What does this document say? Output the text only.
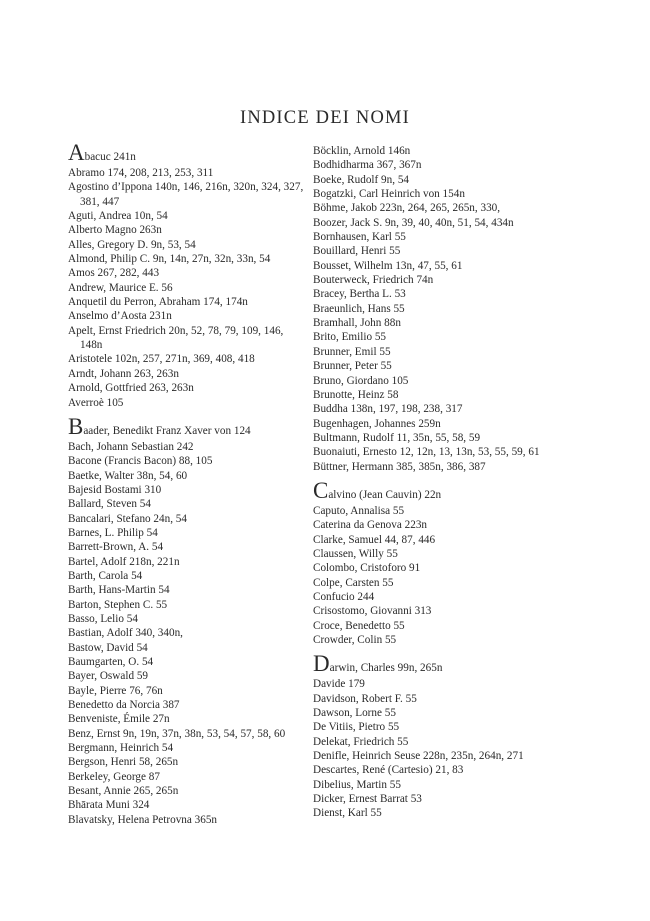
INDICE DEI NOMI
Abacuc 241n
Abramo 174, 208, 213, 253, 311
Agostino d’Ippona 140n, 146, 216n, 320n, 324, 327, 381, 447
Aguti, Andrea 10n, 54
Alberto Magno 263n
Alles, Gregory D. 9n, 53, 54
Almond, Philip C. 9n, 14n, 27n, 32n, 33n, 54
Amos 267, 282, 443
Andrew, Maurice E. 56
Anquetil du Perron, Abraham 174, 174n
Anselmo d’Aosta 231n
Apelt, Ernst Friedrich 20n, 52, 78, 79, 109, 146, 148n
Aristotele 102n, 257, 271n, 369, 408, 418
Arndt, Johann 263, 263n
Arnold, Gottfried 263, 263n
Averroè 105
Baader, Benedikt Franz Xaver von 124
Bach, Johann Sebastian 242
Bacone (Francis Bacon) 88, 105
Baetke, Walter 38n, 54, 60
Bajesid Bostami 310
Ballard, Steven 54
Bancalari, Stefano 24n, 54
Barnes, L. Philip 54
Barrett-Brown, A. 54
Bartel, Adolf 218n, 221n
Barth, Carola 54
Barth, Hans-Martin 54
Barton, Stephen C. 55
Basso, Lelio 54
Bastian, Adolf 340, 340n,
Bastow, David 54
Baumgarten, O. 54
Bayer, Oswald 59
Bayle, Pierre 76, 76n
Benedetto da Norcia 387
Benveniste, Émile 27n
Benz, Ernst 9n, 19n, 37n, 38n, 53, 54, 57, 58, 60
Bergmann, Heinrich 54
Bergson, Henri 58, 265n
Berkeley, George 87
Besant, Annie 265, 265n
Bhārata Muni 324
Blavatsky, Helena Petrovna 365n
Böcklin, Arnold 146n
Bodhidharma 367, 367n
Boeke, Rudolf 9n, 54
Bogatzki, Carl Heinrich von 154n
Böhme, Jakob 223n, 264, 265, 265n, 330,
Boozer, Jack S. 9n, 39, 40, 40n, 51, 54, 434n
Bornhausen, Karl 55
Bouillard, Henri 55
Bousset, Wilhelm 13n, 47, 55, 61
Bouterweck, Friedrich 74n
Bracey, Bertha L. 53
Braeunlich, Hans 55
Bramhall, John 88n
Brito, Emilio 55
Brunner, Emil 55
Brunner, Peter 55
Bruno, Giordano 105
Brunotte, Heinz 58
Buddha 138n, 197, 198, 238, 317
Bugenhagen, Johannes 259n
Bultmann, Rudolf 11, 35n, 55, 58, 59
Buonaiuti, Ernesto 12, 12n, 13, 13n, 53, 55, 59, 61
Büttner, Hermann 385, 385n, 386, 387
Calvino (Jean Cauvin) 22n
Caputo, Annalisa 55
Caterina da Genova 223n
Clarke, Samuel 44, 87, 446
Claussen, Willy 55
Colombo, Cristoforo 91
Colpe, Carsten 55
Confucio 244
Crisostomo, Giovanni 313
Croce, Benedetto 55
Crowder, Colin 55
Darwin, Charles 99n, 265n
Davide 179
Davidson, Robert F. 55
Dawson, Lorne 55
De Vitiis, Pietro 55
Delekat, Friedrich 55
Denifle, Heinrich Seuse 228n, 235n, 264n, 271
Descartes, René (Cartesio) 21, 83
Dibelius, Martin 55
Dicker, Ernest Barrat 53
Dienst, Karl 55
